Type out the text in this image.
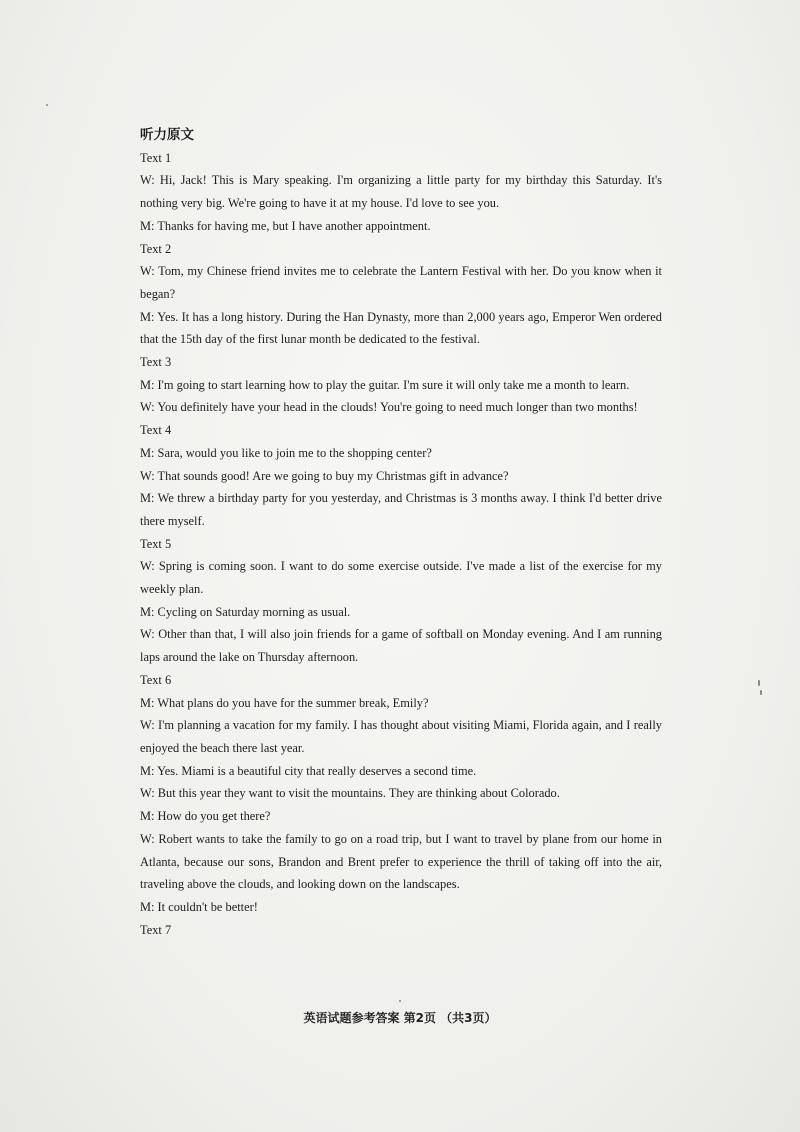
听力原文
Text 1
W: Hi, Jack! This is Mary speaking. I'm organizing a little party for my birthday this Saturday. It's nothing very big. We're going to have it at my house. I'd love to see you.
M: Thanks for having me, but I have another appointment.
Text 2
W: Tom, my Chinese friend invites me to celebrate the Lantern Festival with her. Do you know when it began?
M: Yes. It has a long history. During the Han Dynasty, more than 2,000 years ago, Emperor Wen ordered that the 15th day of the first lunar month be dedicated to the festival.
Text 3
M: I'm going to start learning how to play the guitar. I'm sure it will only take me a month to learn.
W: You definitely have your head in the clouds! You're going to need much longer than two months!
Text 4
M: Sara, would you like to join me to the shopping center?
W: That sounds good! Are we going to buy my Christmas gift in advance?
M: We threw a birthday party for you yesterday, and Christmas is 3 months away. I think I'd better drive there myself.
Text 5
W: Spring is coming soon. I want to do some exercise outside. I've made a list of the exercise for my weekly plan.
M: Cycling on Saturday morning as usual.
W: Other than that, I will also join friends for a game of softball on Monday evening. And I am running laps around the lake on Thursday afternoon.
Text 6
M: What plans do you have for the summer break, Emily?
W: I'm planning a vacation for my family. I has thought about visiting Miami, Florida again, and I really enjoyed the beach there last year.
M: Yes. Miami is a beautiful city that really deserves a second time.
W: But this year they want to visit the mountains. They are thinking about Colorado.
M: How do you get there?
W: Robert wants to take the family to go on a road trip, but I want to travel by plane from our home in Atlanta, because our sons, Brandon and Brent prefer to experience the thrill of taking off into the air, traveling above the clouds, and looking down on the landscapes.
M: It couldn't be better!
Text 7
英语试题参考答案 第2页 （共3页）
